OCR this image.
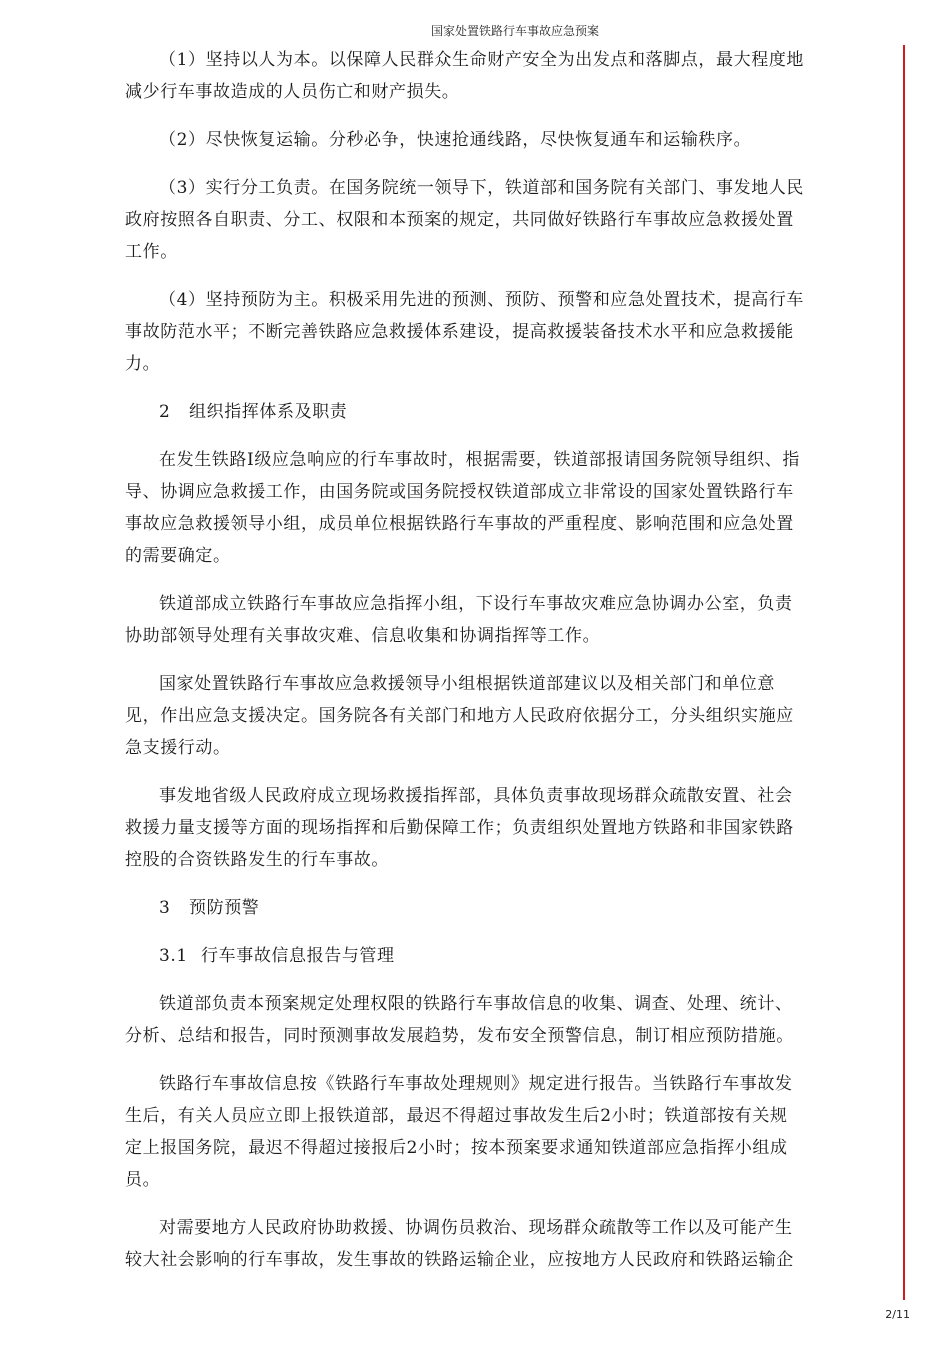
国家处置铁路行车事故应急预案

（1）坚持以人为本。以保障人民群众生命财产安全为出发点和落脚点，最大程度地减少行车事故造成的人员伤亡和财产损失。

（2）尽快恢复运输。分秒必争，快速抢通线路，尽快恢复通车和运输秩序。

（3）实行分工负责。在国务院统一领导下，铁道部和国务院有关部门、事发地人民政府按照各自职责、分工、权限和本预案的规定，共同做好铁路行车事故应急救援处置工作。

（4）坚持预防为主。积极采用先进的预测、预防、预警和应急处置技术，提高行车事故防范水平；不断完善铁路应急救援体系建设，提高救援装备技术水平和应急救援能力。

2 组织指挥体系及职责

在发生铁路Ⅰ级应急响应的行车事故时，根据需要，铁道部报请国务院领导组织、指导、协调应急救援工作，由国务院或国务院授权铁道部成立非常设的国家处置铁路行车事故应急救援领导小组，成员单位根据铁路行车事故的严重程度、影响范围和应急处置的需要确定。

铁道部成立铁路行车事故应急指挥小组，下设行车事故灾难应急协调办公室，负责协助部领导处理有关事故灾难、信息收集和协调指挥等工作。

国家处置铁路行车事故应急救援领导小组根据铁道部建议以及相关部门和单位意见，作出应急支援决定。国务院各有关部门和地方人民政府依据分工，分头组织实施应急支援行动。

事发地省级人民政府成立现场救援指挥部，具体负责事故现场群众疏散安置、社会救援力量支援等方面的现场指挥和后勤保障工作；负责组织处置地方铁路和非国家铁路控股的合资铁路发生的行车事故。

3 预防预警
3.1 行车事故信息报告与管理

铁道部负责本预案规定处理权限的铁路行车事故信息的收集、调查、处理、统计、分析、总结和报告，同时预测事故发展趋势，发布安全预警信息，制订相应预防措施。

铁路行车事故信息按《铁路行车事故处理规则》规定进行报告。当铁路行车事故发生后，有关人员应立即上报铁道部，最迟不得超过事故发生后2小时；铁道部按有关规定上报国务院，最迟不得超过接报后2小时；按本预案要求通知铁道部应急指挥小组成员。

对需要地方人民政府协助救援、协调伤员救治、现场群众疏散等工作以及可能产生较大社会影响的行车事故，发生事故的铁路运输企业，应按地方人民政府和铁路运输企

2/11
